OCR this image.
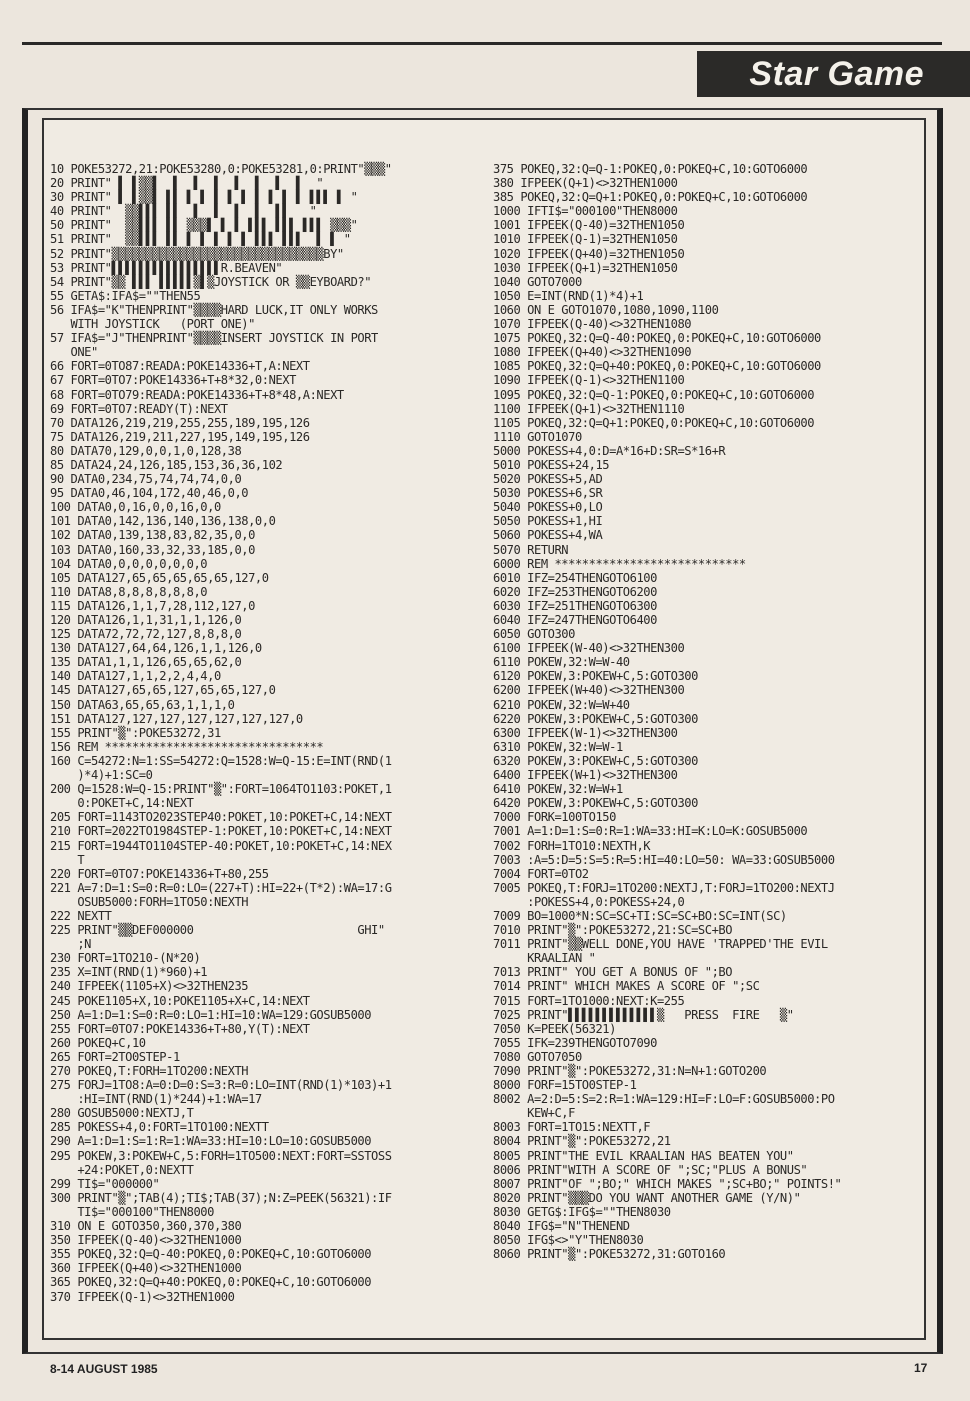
Star Game
10 POKE53272,21:POKE53280,0:POKE53281,0:PRINT"▒▒▒"
20 PRINT" ▌ ▌▒▒▌  ▌  ▌  ▌  ▌  ▌  ▌  ▌  "
30 PRINT" ▌ ▌▒▒▌ ▌▌ ▌ ▌ ▌ ▌ ▌ ▌ ▌ ▌ ▌ ▌▌▌ ▌ "
40 PRINT"  ▒▒▌▌▌ ▌▌  ▌  ▌  ▌  ▌  ▌▌   "
50 PRINT"  ▒▒▌▌▌ ▌▌ ▒▒▒▌ ▌ ▌ ▌▌▌ ▌▌▌ ▌▌▌ ▒▒▒"
51 PRINT"  ▒▒▌▌▌ ▌▌ ▌ ▌ ▌ ▌ ▌ ▌▌▌ ▌▌▌  ▌ ▌ "
52 PRINT"▒▒▒▒▒▒▒▒▒▒▒▒▒▒▒▒▒▒▒▒▒▒▒▒▒▒▒▒▒▒▒BY"
53 PRINT"▌▌▌▌▌▌▌▌▌▌▌▌▌▌▌▌R.BEAVEN"
54 PRINT"▒▒ ▌▌▌ ▌▌▌▌▌▒▌▒JOYSTICK OR ▒▒EYBOARD?"
55 GETA$:IFA$=""THEN55
56 IFA$="K"THENPRINT"▒▒▒▒HARD LUCK,IT ONLY WORKS
WITH JOYSTICK   (PORT ONE)"
57 IFA$="J"THENPRINT"▒▒▒▒INSERT JOYSTICK IN PORT
ONE"
66 FORT=0TO87:READA:POKE14336+T,A:NEXT
67 FORT=0TO7:POKE14336+T+8*32,0:NEXT
68 FORT=0TO79:READA:POKE14336+T+8*48,A:NEXT
69 FORT=0TO7:READY(T):NEXT
70 DATA126,219,219,255,255,189,195,126
75 DATA126,219,211,227,195,149,195,126
80 DATA70,129,0,0,1,0,128,38
85 DATA24,24,126,185,153,36,36,102
90 DATA0,234,75,74,74,74,0,0
95 DATA0,46,104,172,40,46,0,0
100 DATA0,0,16,0,0,16,0,0
101 DATA0,142,136,140,136,138,0,0
102 DATA0,139,138,83,82,35,0,0
103 DATA0,160,33,32,33,185,0,0
104 DATA0,0,0,0,0,0,0,0
105 DATA127,65,65,65,65,65,127,0
110 DATA8,8,8,8,8,8,8,0
115 DATA126,1,1,7,28,112,127,0
120 DATA126,1,1,31,1,1,126,0
125 DATA72,72,72,127,8,8,8,0
130 DATA127,64,64,126,1,1,126,0
135 DATA1,1,1,126,65,65,62,0
140 DATA127,1,1,2,2,4,4,0
145 DATA127,65,65,127,65,65,127,0
150 DATA63,65,65,63,1,1,1,0
151 DATA127,127,127,127,127,127,127,0
155 PRINT"▒":POKE53272,31
156 REM ********************************
160 C=54272:N=1:SS=54272:Q=1528:W=Q-15:E=INT(RND(1
)*4)+1:SC=0
200 Q=1528:W=Q-15:PRINT"▒":FORT=1064TO1103:POKET,1
0:POKET+C,14:NEXT
205 FORT=1143TO2023STEP40:POKET,10:POKET+C,14:NEXT
210 FORT=2022TO1984STEP-1:POKET,10:POKET+C,14:NEXT
215 FORT=1944TO1104STEP-40:POKET,10:POKET+C,14:NEX
T
220 FORT=0TO7:POKE14336+T+80,255
221 A=7:D=1:S=0:R=0:LO=(227+T):HI=22+(T*2):WA=17:G
OSUB5000:FORH=1TO50:NEXTH
222 NEXTT
225 PRINT"▒▒DEF000000                        GHI"
;N
230 FORT=1TO210-(N*20)
235 X=INT(RND(1)*960)+1
240 IFPEEK(1105+X)<>32THEN235
245 POKE1105+X,10:POKE1105+X+C,14:NEXT
250 A=1:D=1:S=0:R=0:LO=1:HI=10:WA=129:GOSUB5000
255 FORT=0TO7:POKE14336+T+80,Y(T):NEXT
260 POKEQ+C,10
265 FORT=2TO0STEP-1
270 POKEQ,T:FORH=1TO200:NEXTH
275 FORJ=1TO8:A=0:D=0:S=3:R=0:LO=INT(RND(1)*103)+1
:HI=INT(RND(1)*244)+1:WA=17
280 GOSUB5000:NEXTJ,T
285 POKESS+4,0:FORT=1TO100:NEXTT
290 A=1:D=1:S=1:R=1:WA=33:HI=10:LO=10:GOSUB5000
295 POKEW,3:POKEW+C,5:FORH=1TO500:NEXT:FORT=SSTOSS
+24:POKET,0:NEXTT
299 TI$="000000"
300 PRINT"▒";TAB(4);TI$;TAB(37);N:Z=PEEK(56321):IF
TI$="000100"THEN8000
310 ON E GOTO350,360,370,380
350 IFPEEK(Q-40)<>32THEN1000
355 POKEQ,32:Q=Q-40:POKEQ,0:POKEQ+C,10:GOTO6000
360 IFPEEK(Q+40)<>32THEN1000
365 POKEQ,32:Q=Q+40:POKEQ,0:POKEQ+C,10:GOTO6000
370 IFPEEK(Q-1)<>32THEN1000
375 POKEQ,32:Q=Q-1:POKEQ,0:POKEQ+C,10:GOTO6000
380 IFPEEK(Q+1)<>32THEN1000
385 POKEQ,32:Q=Q+1:POKEQ,0:POKEQ+C,10:GOTO6000
1000 IFTI$="000100"THEN8000
1001 IFPEEK(Q-40)=32THEN1050
1010 IFPEEK(Q-1)=32THEN1050
1020 IFPEEK(Q+40)=32THEN1050
1030 IFPEEK(Q+1)=32THEN1050
1040 GOTO7000
1050 E=INT(RND(1)*4)+1
1060 ON E GOTO1070,1080,1090,1100
1070 IFPEEK(Q-40)<>32THEN1080
1075 POKEQ,32:Q=Q-40:POKEQ,0:POKEQ+C,10:GOTO6000
1080 IFPEEK(Q+40)<>32THEN1090
1085 POKEQ,32:Q=Q+40:POKEQ,0:POKEQ+C,10:GOTO6000
1090 IFPEEK(Q-1)<>32THEN1100
1095 POKEQ,32:Q=Q-1:POKEQ,0:POKEQ+C,10:GOTO6000
1100 IFPEEK(Q+1)<>32THEN1110
1105 POKEQ,32:Q=Q+1:POKEQ,0:POKEQ+C,10:GOTO6000
1110 GOTO1070
5000 POKESS+4,0:D=A*16+D:SR=S*16+R
5010 POKESS+24,15
5020 POKESS+5,AD
5030 POKESS+6,SR
5040 POKESS+0,LO
5050 POKESS+1,HI
5060 POKESS+4,WA
5070 RETURN
6000 REM ****************************
6010 IFZ=254THENGOTO6100
6020 IFZ=253THENGOTO6200
6030 IFZ=251THENGOTO6300
6040 IFZ=247THENGOTO6400
6050 GOTO300
6100 IFPEEK(W-40)<>32THEN300
6110 POKEW,32:W=W-40
6120 POKEW,3:POKEW+C,5:GOTO300
6200 IFPEEK(W+40)<>32THEN300
6210 POKEW,32:W=W+40
6220 POKEW,3:POKEW+C,5:GOTO300
6300 IFPEEK(W-1)<>32THEN300
6310 POKEW,32:W=W-1
6320 POKEW,3:POKEW+C,5:GOTO300
6400 IFPEEK(W+1)<>32THEN300
6410 POKEW,32:W=W+1
6420 POKEW,3:POKEW+C,5:GOTO300
7000 FORK=100TO150
7001 A=1:D=1:S=0:R=1:WA=33:HI=K:LO=K:GOSUB5000
7002 FORH=1TO10:NEXTH,K
7003 :A=5:D=5:S=5:R=5:HI=40:LO=50: WA=33:GOSUB5000
7004 FORT=0TO2
7005 POKEQ,T:FORJ=1TO200:NEXTJ,T:FORJ=1TO200:NEXTJ
:POKESS+4,0:POKESS+24,0
7009 BO=1000*N:SC=SC+TI:SC=SC+BO:SC=INT(SC)
7010 PRINT"▒":POKE53272,21:SC=SC+BO
7011 PRINT"▒▒WELL DONE,YOU HAVE 'TRAPPED'THE EVIL
KRAALIAN "
7013 PRINT" YOU GET A BONUS OF ";BO
7014 PRINT" WHICH MAKES A SCORE OF ";SC
7015 FORT=1TO1000:NEXT:K=255
7025 PRINT"▌▌▌▌▌▌▌▌▌▌▌▌▌▒   PRESS  FIRE   ▒"
7050 K=PEEK(56321)
7055 IFK=239THENGOTO7090
7080 GOTO7050
7090 PRINT"▒":POKE53272,31:N=N+1:GOTO200
8000 FORF=15TO0STEP-1
8002 A=2:D=5:S=2:R=1:WA=129:HI=F:LO=F:GOSUB5000:PO
KEW+C,F
8003 FORT=1TO15:NEXTT,F
8004 PRINT"▒":POKE53272,21
8005 PRINT"THE EVIL KRAALIAN HAS BEATEN YOU"
8006 PRINT"WITH A SCORE OF ";SC;"PLUS A BONUS"
8007 PRINT"OF ";BO;" WHICH MAKES ";SC+BO;" POINTS!"
8020 PRINT"▒▒▒DO YOU WANT ANOTHER GAME (Y/N)"
8030 GETG$:IFG$=""THEN8030
8040 IFG$="N"THENEND
8050 IFG$<>"Y"THEN8030
8060 PRINT"▒":POKE53272,31:GOTO160
8-14 AUGUST 1985	17
